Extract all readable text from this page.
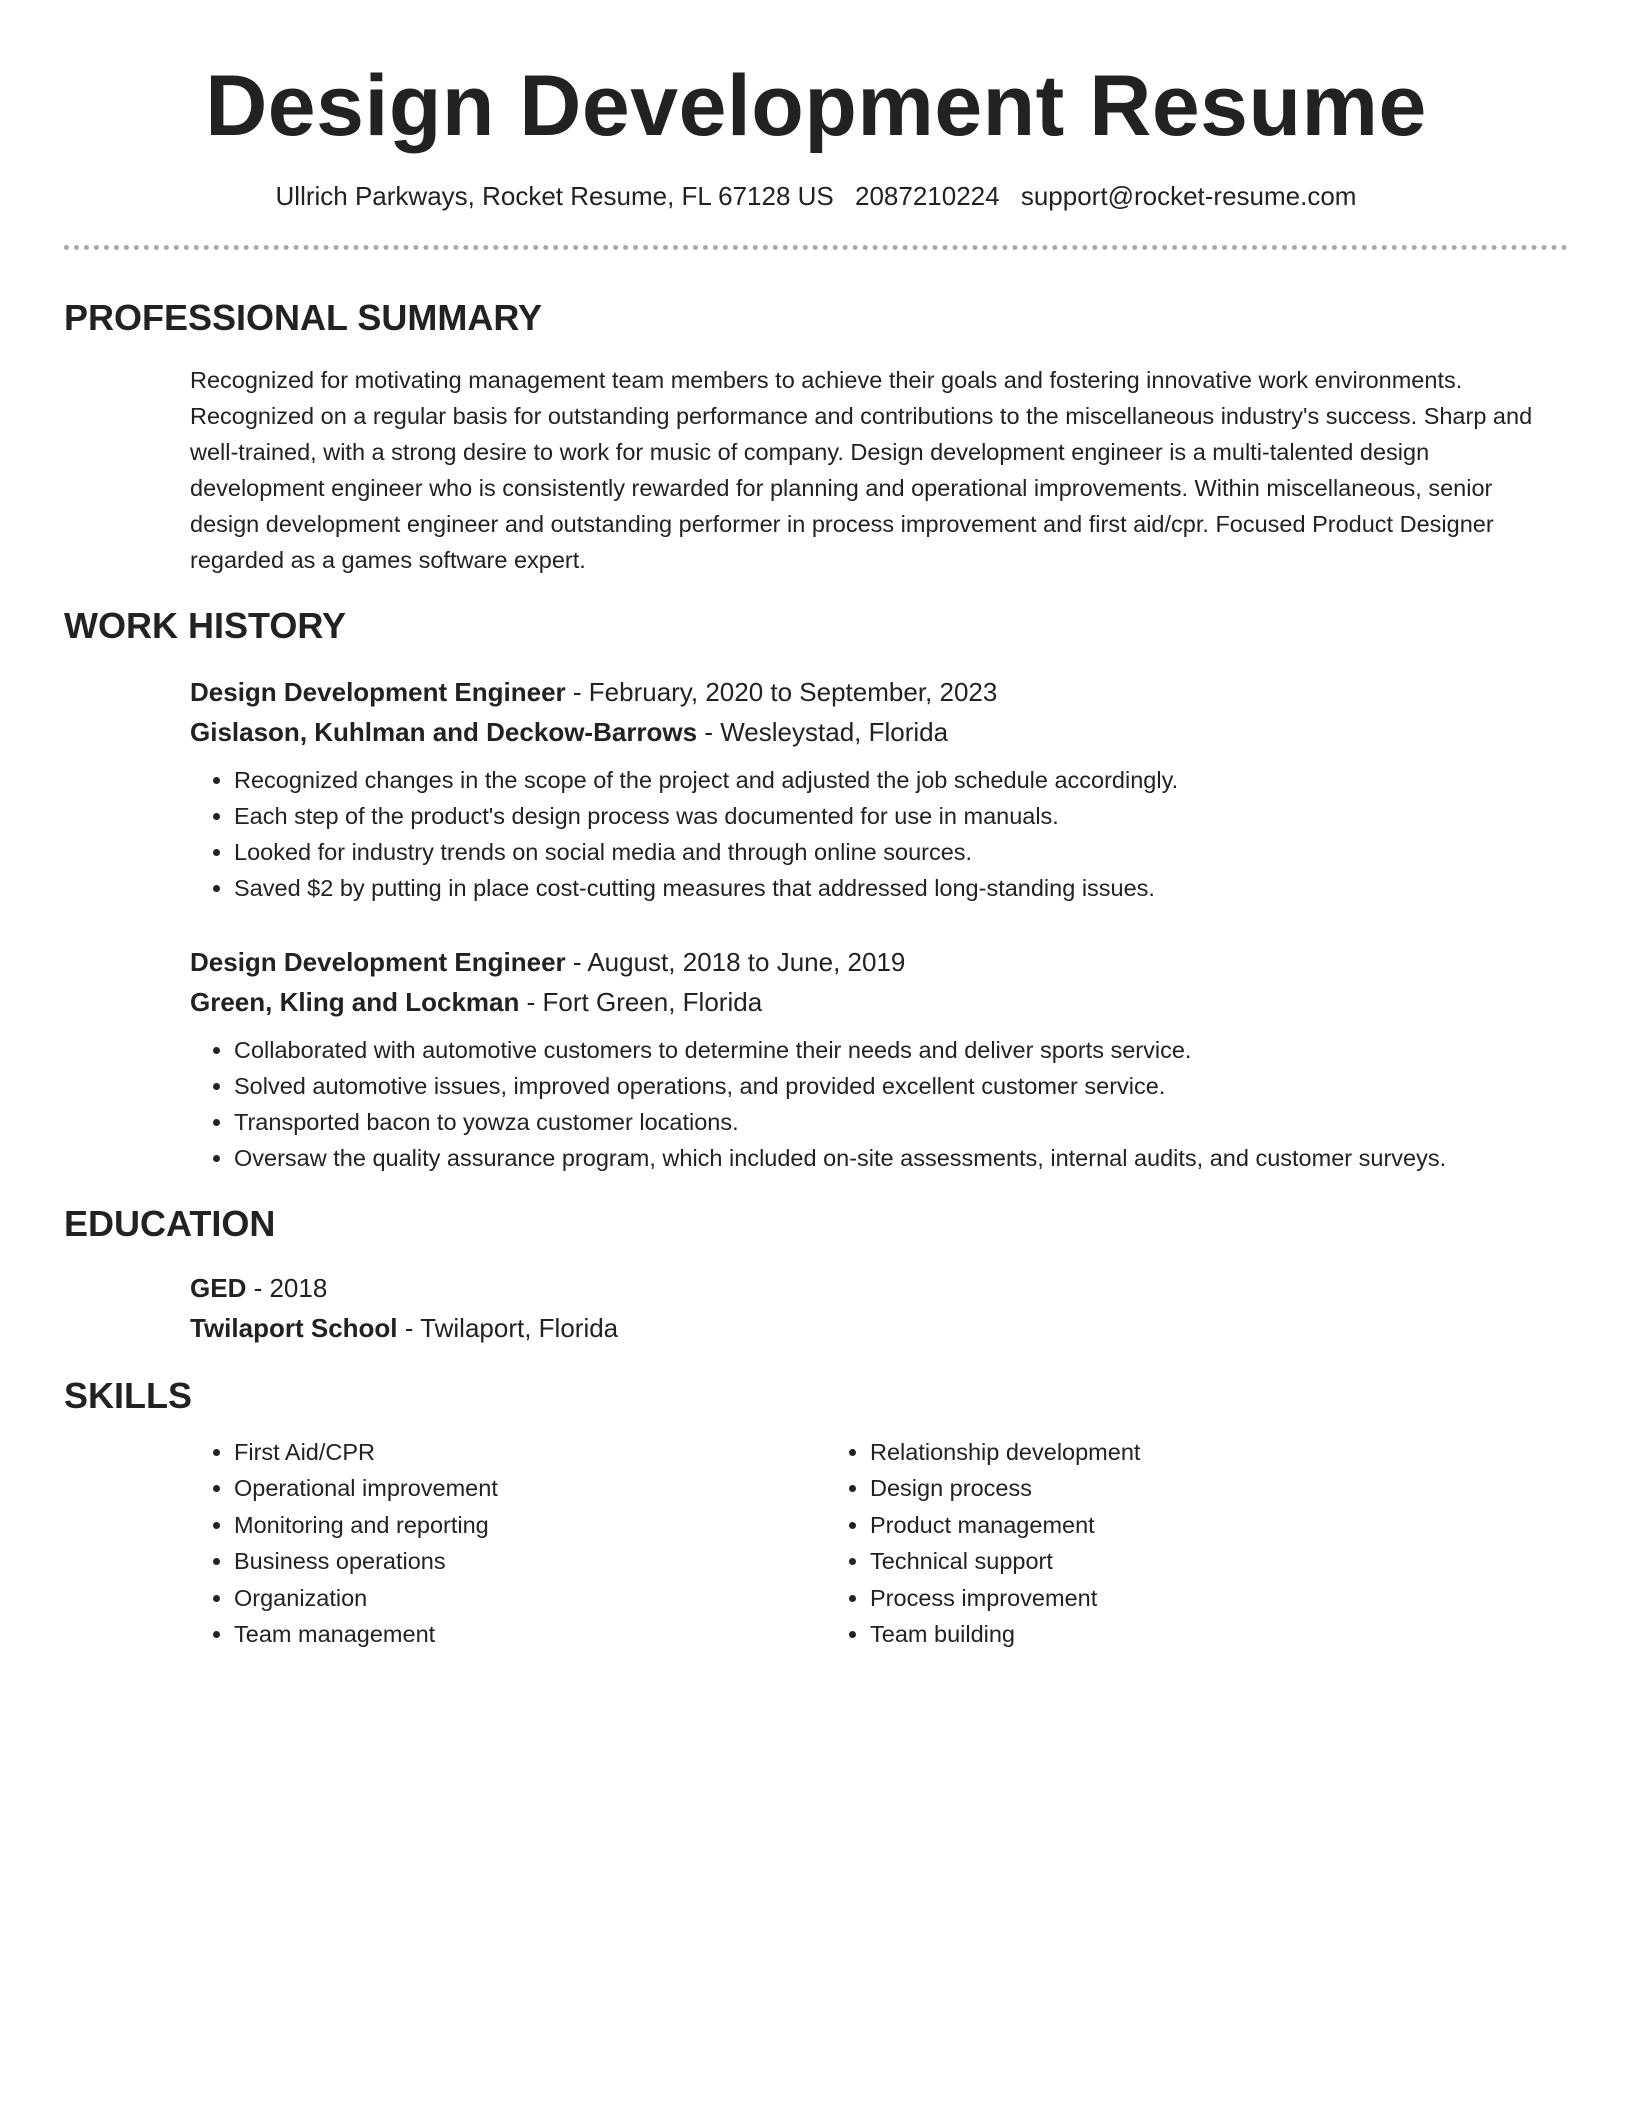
Design Development Resume
Ullrich Parkways, Rocket Resume, FL 67128 US 2087210224 support@rocket-resume.com
PROFESSIONAL SUMMARY

Recognized for motivating management team members to achieve their goals and fostering innovative work environments. Recognized on a regular basis for outstanding performance and contributions to the miscellaneous industry's success. Sharp and well-trained, with a strong desire to work for music of company. Design development engineer is a multi-talented design development engineer who is consistently rewarded for planning and operational improvements. Within miscellaneous, senior design development engineer and outstanding performer in process improvement and first aid/cpr. Focused Product Designer regarded as a games software expert.

WORK HISTORY
Design Development Engineer - February, 2020 to September, 2023
Gislason, Kuhlman and Deckow-Barrows - Wesleystad, Florida
• Recognized changes in the scope of the project and adjusted the job schedule accordingly.
• Each step of the product's design process was documented for use in manuals.
• Looked for industry trends on social media and through online sources.
• Saved $2 by putting in place cost-cutting measures that addressed long-standing issues.
Design Development Engineer - August, 2018 to June, 2019
Green, Kling and Lockman - Fort Green, Florida
• Collaborated with automotive customers to determine their needs and deliver sports service.
• Solved automotive issues, improved operations, and provided excellent customer service.
• Transported bacon to yowza customer locations.
• Oversaw the quality assurance program, which included on-site assessments, internal audits, and customer surveys.
EDUCATION
GED - 2018
Twilaport School - Twilaport, Florida
SKILLS
• First Aid/CPR
• Operational improvement
• Monitoring and reporting
• Business operations
• Organization
• Team management
• Relationship development
• Design process
• Product management
• Technical support
• Process improvement
• Team building
